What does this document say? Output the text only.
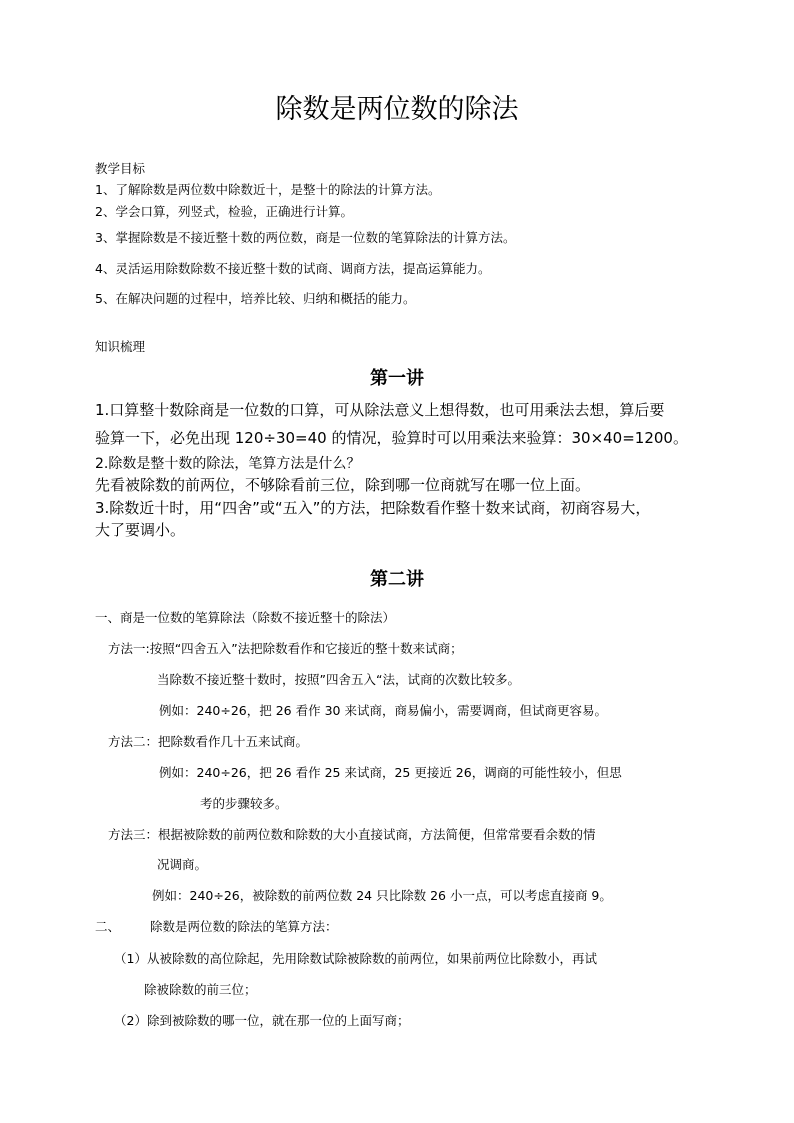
除数是两位数的除法

教学目标

1、了解除数是两位数中除数近十，是整十的除法的计算方法。

2、学会口算，列竖式，检验，正确进行计算。

3、掌握除数是不接近整十数的两位数，商是一位数的笔算除法的计算方法。

4、灵活运用除数除数不接近整十数的试商、调商方法，提高运算能力。

5、在解决问题的过程中，培养比较、归纳和概括的能力。

知识梳理

第一讲

1.口算整十数除商是一位数的口算，可从除法意义上想得数，也可用乘法去想，算后要

验算一下，必免出现 120÷30=40 的情况，验算时可以用乘法来验算：30×40=1200。

2.除数是整十数的除法，笔算方法是什么？

先看被除数的前两位，不够除看前三位，除到哪一位商就写在哪一位上面。

3.除数近十时，用“四舍”或“五入”的方法，把除数看作整十数来试商，初商容易大，

大了要调小。

第二讲

一、商是一位数的笔算除法（除数不接近整十的除法）

方法一:按照“四舍五入”法把除数看作和它接近的整十数来试商；

当除数不接近整十数时，按照”四舍五入“法，试商的次数比较多。

例如：240÷26，把 26 看作 30 来试商，商易偏小，需要调商，但试商更容易。

方法二：把除数看作几十五来试商。

例如：240÷26，把 26 看作 25 来试商，25 更接近 26，调商的可能性较小，但思

考的步骤较多。

方法三：根据被除数的前两位数和除数的大小直接试商，方法简便，但常常要看余数的情

况调商。

例如：240÷26，被除数的前两位数 24 只比除数 26 小一点，可以考虑直接商 9。

二、 除数是两位数的除法的笔算方法：

（1）从被除数的高位除起，先用除数试除被除数的前两位，如果前两位比除数小，再试

除被除数的前三位；

（2）除到被除数的哪一位，就在那一位的上面写商；
